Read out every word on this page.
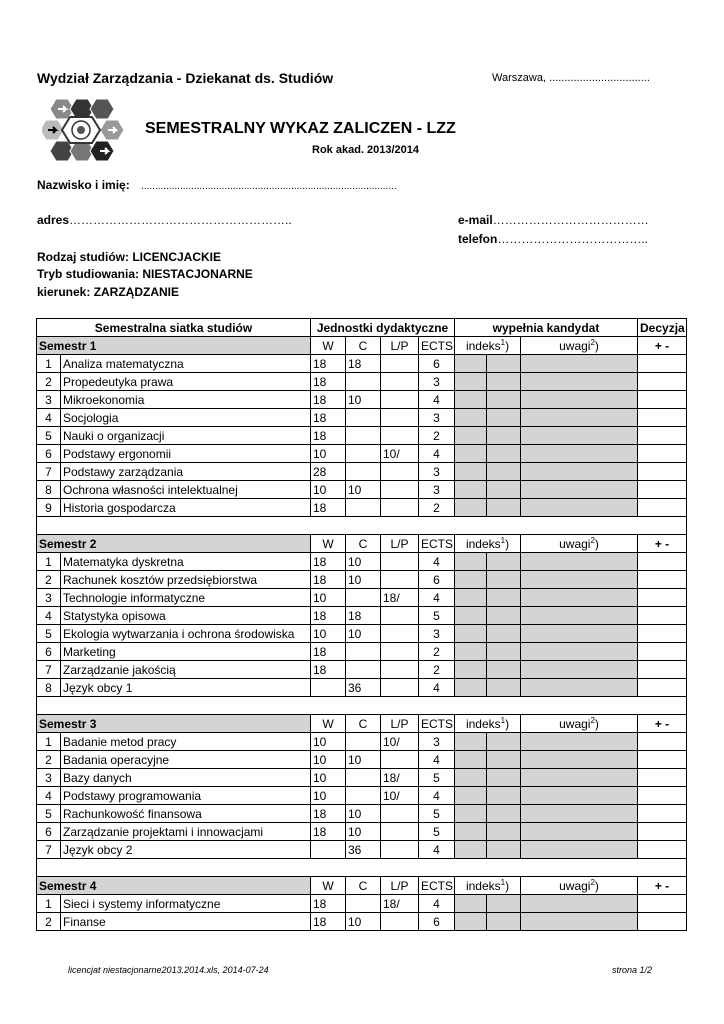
Wydział Zarządzania - Dziekanat ds. Studiów	Warszawa, .................................
SEMESTRALNY WYKAZ ZALICZEN - LZZ
Rok akad. 2013/2014
Nazwisko i imię: ............................................................................................
adres………………………………………………..	e-mail…………………………………
telefon………………………………..
Rodzaj studiów: LICENCJACKIE
Tryb studiowania: NIESTACJONARNE
kierunek: ZARZĄDZANIE
Semestralna siatka studiów		Jednostki dydaktyczne				wypełnia kandydat			Decyzja
Semestr 1		W	C	L/P	ECTS	indeks$^1$)		uwagi$^2$)	+ -
1	Analiza matematyczna	18	18		6				
2	Propedeutyka prawa	18			3				
3	Mikroekonomia	18	10		4				
4	Socjologia	18			3				
5	Nauki o organizacji	18			2				
6	Podstawy ergonomii	10		10/	4				
7	Podstawy zarządzania	28			3				
8	Ochrona własności intelektualnej	10	10		3				
9	Historia gospodarcza	18			2				

Semestr 2		W	C	L/P	ECTS	indeks$^1$)		uwagi$^2$)	+ -
1	Matematyka dyskretna	18	10		4				
2	Rachunek kosztów przedsiębiorstwa	18	10		6				
3	Technologie informatyczne	10		18/	4				
4	Statystyka opisowa	18	18		5				
5	Ekologia wytwarzania i ochrona środowiska	10	10		3				
6	Marketing	18			2				
7	Zarządzanie jakością	18			2				
8	Język obcy 1		36		4				

Semestr 3		W	C	L/P	ECTS	indeks$^1$)		uwagi$^2$)	+ -
1	Badanie metod pracy	10		10/	3				
2	Badania operacyjne	10	10		4				
3	Bazy danych	10		18/	5				
4	Podstawy programowania	10		10/	4				
5	Rachunkowość finansowa	18	10		5				
6	Zarządzanie projektami i innowacjami	18	10		5				
7	Język obcy 2		36		4				

Semestr 4		W	C	L/P	ECTS	indeks$^1$)		uwagi$^2$)	+ -
1	Sieci i systemy informatyczne	18		18/	4				
2	Finanse	18	10		6				
licencjat niestacjonarne2013.2014.xls, 2014-07-24	strona 1/2
